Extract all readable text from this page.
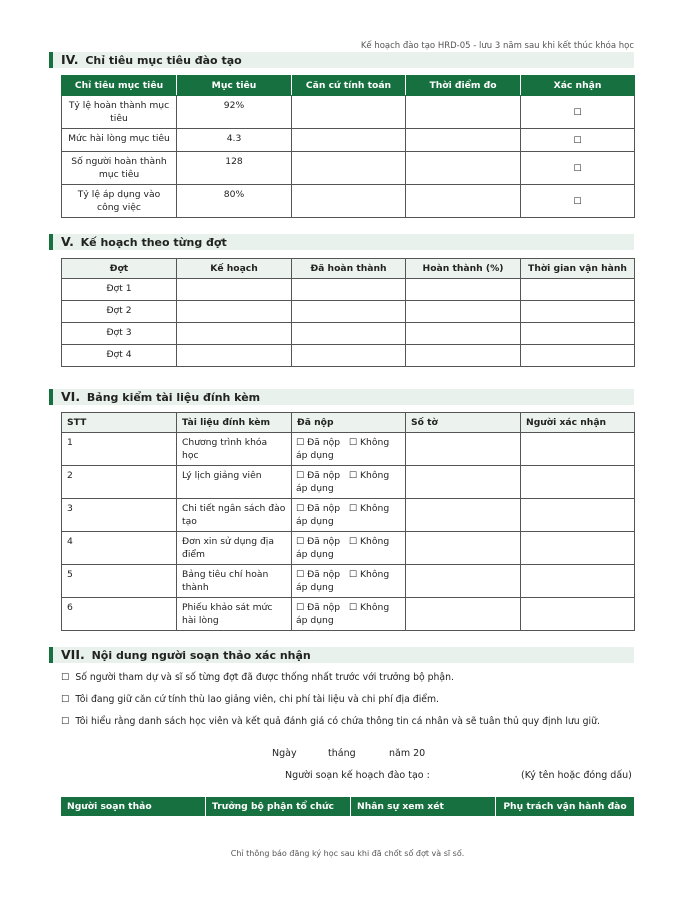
Kế hoạch đào tạo HRD-05 - lưu 3 năm sau khi kết thúc khóa học
IV. Chỉ tiêu mục tiêu đào tạo
Chỉ tiêu mục tiêu	Mục tiêu	Căn cứ tính toán	Thời điểm đo	Xác nhận
Tỷ lệ hoàn thành mục tiêu	92%			☐
Mức hài lòng mục tiêu	4.3			☐
Số người hoàn thành mục tiêu	128			☐
Tỷ lệ áp dụng vào công việc	80%			☐
V. Kế hoạch theo từng đợt
Đợt	Kế hoạch	Đã hoàn thành	Hoàn thành (%)	Thời gian vận hành
Đợt 1				
Đợt 2				
Đợt 3				
Đợt 4				
VI. Bảng kiểm tài liệu đính kèm
STT	Tài liệu đính kèm	Đã nộp	Số tờ	Người xác nhận
1	Chương trình khóa học	☐ Đã nộp ☐ Không áp dụng		
2	Lý lịch giảng viên	☐ Đã nộp ☐ Không áp dụng		
3	Chi tiết ngân sách đào tạo	☐ Đã nộp ☐ Không áp dụng		
4	Đơn xin sử dụng địa điểm	☐ Đã nộp ☐ Không áp dụng		
5	Bảng tiêu chí hoàn thành	☐ Đã nộp ☐ Không áp dụng		
6	Phiếu khảo sát mức hài lòng	☐ Đã nộp ☐ Không áp dụng		
VII. Nội dung người soạn thảo xác nhận
☐ Số người tham dự và sĩ số từng đợt đã được thống nhất trước với trưởng bộ phận.
☐ Tôi đang giữ căn cứ tính thù lao giảng viên, chi phí tài liệu và chi phí địa điểm.
☐ Tôi hiểu rằng danh sách học viên và kết quả đánh giá có chứa thông tin cá nhân và sẽ tuân thủ quy định lưu giữ.
Ngày	tháng	năm 20
Người soạn kế hoạch đào tạo :	(Ký tên hoặc đóng dấu)
Người soạn thảo	Trưởng bộ phận tổ chức	Nhân sự xem xét	Phụ trách vận hành đào tạo
Chỉ thông báo đăng ký học sau khi đã chốt số đợt và sĩ số.
